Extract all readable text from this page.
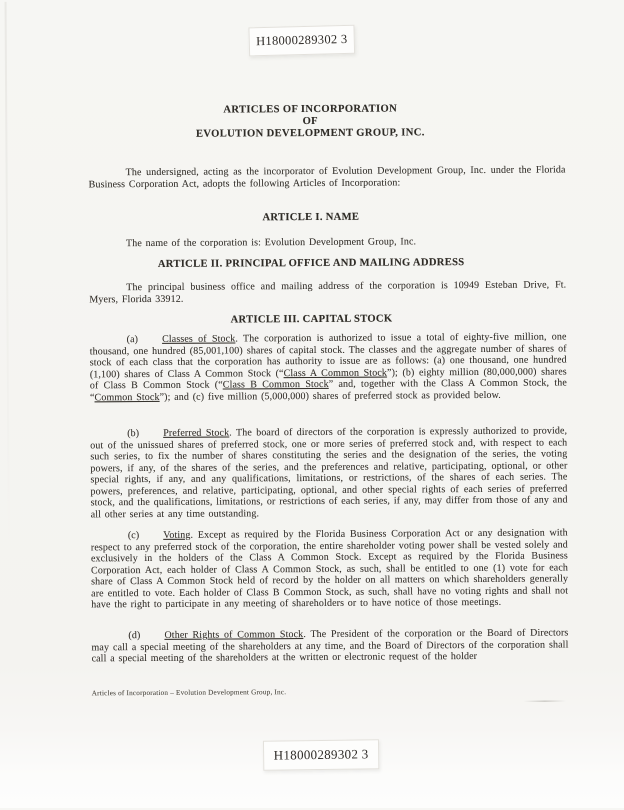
H18000289302 3
ARTICLES OF INCORPORATION
OF
EVOLUTION DEVELOPMENT GROUP, INC.

The undersigned, acting as the incorporator of Evolution Development Group, Inc. under the Florida Business Corporation Act, adopts the following Articles of Incorporation:

ARTICLE I. NAME

The name of the corporation is: Evolution Development Group, Inc.

ARTICLE II. PRINCIPAL OFFICE AND MAILING ADDRESS

The principal business office and mailing address of the corporation is 10949 Esteban Drive, Ft. Myers, Florida 33912.

ARTICLE III. CAPITAL STOCK

(a) Classes of Stock. The corporation is authorized to issue a total of eighty-five million, one thousand, one hundred (85,001,100) shares of capital stock. The classes and the aggregate number of shares of stock of each class that the corporation has authority to issue are as follows: (a) one thousand, one hundred (1,100) shares of Class A Common Stock (“Class A Common Stock”); (b) eighty million (80,000,000) shares of Class B Common Stock (“Class B Common Stock” and, together with the Class A Common Stock, the “Common Stock”); and (c) five million (5,000,000) shares of preferred stock as provided below.

(b) Preferred Stock. The board of directors of the corporation is expressly authorized to provide, out of the unissued shares of preferred stock, one or more series of preferred stock and, with respect to each such series, to fix the number of shares constituting the series and the designation of the series, the voting powers, if any, of the shares of the series, and the preferences and relative, participating, optional, or other special rights, if any, and any qualifications, limitations, or restrictions, of the shares of each series. The powers, preferences, and relative, participating, optional, and other special rights of each series of preferred stock, and the qualifications, limitations, or restrictions of each series, if any, may differ from those of any and all other series at any time outstanding.

(c) Voting. Except as required by the Florida Business Corporation Act or any designation with respect to any preferred stock of the corporation, the entire shareholder voting power shall be vested solely and exclusively in the holders of the Class A Common Stock. Except as required by the Florida Business Corporation Act, each holder of Class A Common Stock, as such, shall be entitled to one (1) vote for each share of Class A Common Stock held of record by the holder on all matters on which shareholders generally are entitled to vote. Each holder of Class B Common Stock, as such, shall have no voting rights and shall not have the right to participate in any meeting of shareholders or to have notice of those meetings.

(d) Other Rights of Common Stock. The President of the corporation or the Board of Directors may call a special meeting of the shareholders at any time, and the Board of Directors of the corporation shall call a special meeting of the shareholders at the written or electronic request of the holder

Articles of Incorporation – Evolution Development Group, Inc.
H18000289302 3
